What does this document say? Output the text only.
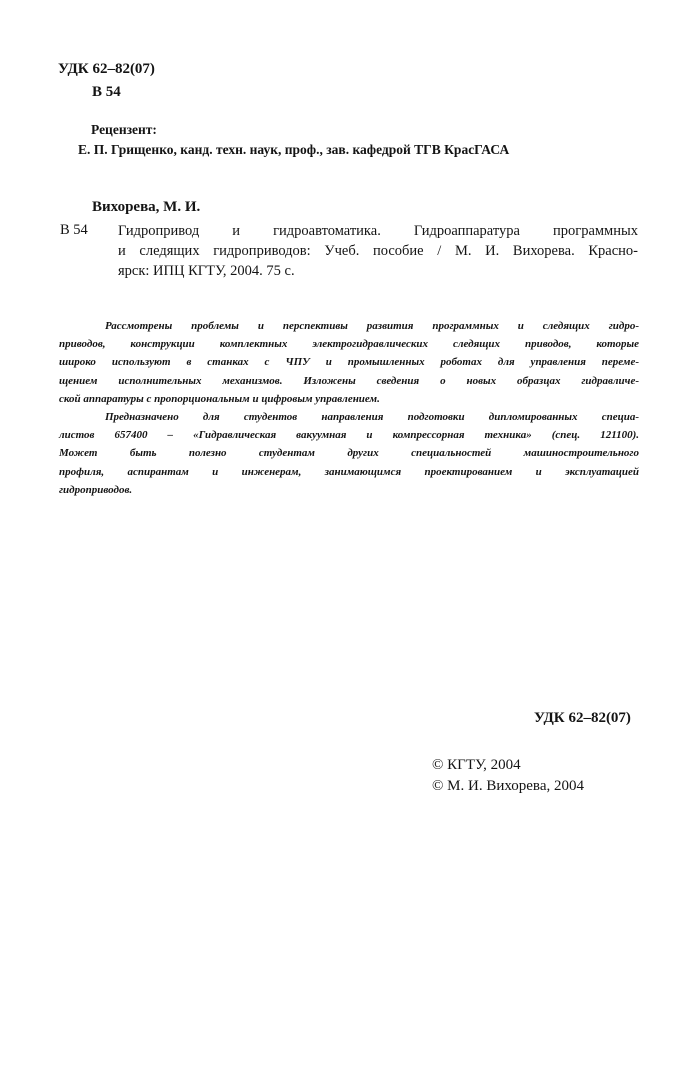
УДК 62–82(07)

В 54

Рецензент:

Е. П. Грищенко, канд. техн. наук, проф., зав. кафедрой ТГВ КрасГАСА

Вихорева, М. И.

В 54 Гидропривод и гидроавтоматика. Гидроаппаратура программных
и следящих гидроприводов: Учеб. пособие / М. И. Вихорева. Красно-
ярск: ИПЦ КГТУ, 2004. 75 с.
Рассмотрены проблемы и перспективы развития программных и следящих гидро-
приводов, конструкции комплектных электрогидравлических следящих приводов, которые
широко используют в станках с ЧПУ и промышленных роботах для управления переме-
щением исполнительных механизмов. Изложены сведения о новых образцах гидравличе-
ской аппаратуры с пропорциональным и цифровым управлением.
Предназначено для студентов направления подготовки дипломированных специа-
листов 657400 – «Гидравлическая вакуумная и компрессорная техника» (спец. 121100).
Может быть полезно студентам других специальностей машиностроительного
профиля, аспирантам и инженерам, занимающимся проектированием и эксплуатацией
гидроприводов.

УДК 62–82(07)

© КГТУ, 2004

© М. И. Вихорева, 2004
